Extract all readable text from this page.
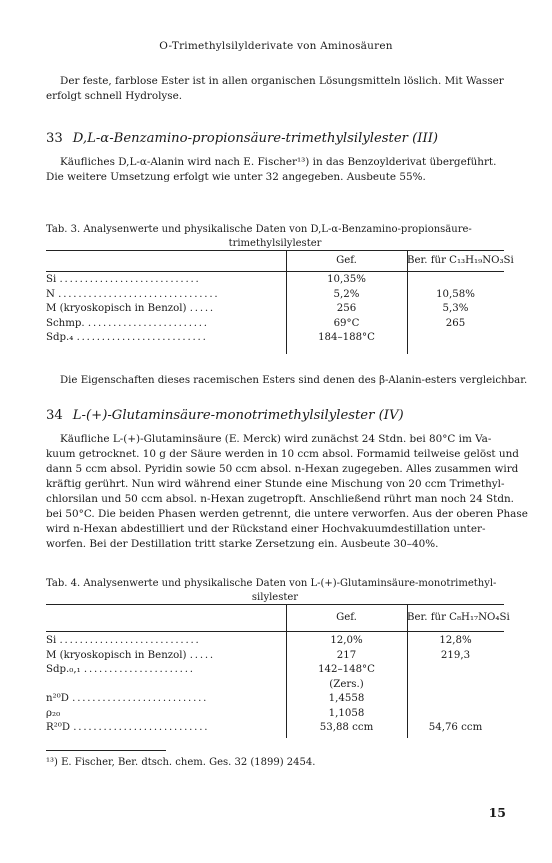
O-Trimethylsilylderivate von Aminosäuren
Der feste, farblose Ester ist in allen organischen Lösungsmitteln löslich. Mit Wasser
erfolgt schnell Hydrolyse.
33 D,L-α-Benzamino-propionsäure-trimethylsilylester (III)
Käufliches D,L-α-Alanin wird nach E. Fischer¹³) in das Benzoylderivat übergeführt.
Die weitere Umsetzung erfolgt wie unter 32 angegeben. Ausbeute 55%.
Tab. 3. Analysenwerte und physikalische Daten von D,L-α-Benzamino-propionsäure-
trimethylsilylester
Gef.	Ber. für C₁₃H₁₉NO₃Si
Si ............................	10,35%
N ................................	5,2%	10,58%
M (kryoskopisch in Benzol) .....	256	5,3%
Schmp. ........................	69°C	265
Sdp.₄ ..........................	184–188°C
Die Eigenschaften dieses racemischen Esters sind denen des β-Alanin-esters vergleichbar.
34 L-(+)-Glutaminsäure-monotrimethylsilylester (IV)
Käufliche L-(+)-Glutaminsäure (E. Merck) wird zunächst 24 Stdn. bei 80°C im Va-
kuum getrocknet. 10 g der Säure werden in 10 ccm absol. Formamid teilweise gelöst und
dann 5 ccm absol. Pyridin sowie 50 ccm absol. n-Hexan zugegeben. Alles zusammen wird
kräftig gerührt. Nun wird während einer Stunde eine Mischung von 20 ccm Trimethyl-
chlorsilan und 50 ccm absol. n-Hexan zugetropft. Anschließend rührt man noch 24 Stdn.
bei 50°C. Die beiden Phasen werden getrennt, die untere verworfen. Aus der oberen Phase
wird n-Hexan abdestilliert und der Rückstand einer Hochvakuumdestillation unter-
worfen. Bei der Destillation tritt starke Zersetzung ein. Ausbeute 30–40%.
Tab. 4. Analysenwerte und physikalische Daten von L-(+)-Glutaminsäure-monotrimethyl-
silylester
Gef.	Ber. für C₈H₁₇NO₄Si
Si ............................	12,0%	12,8%
M (kryoskopisch in Benzol) .....	217	219,3
Sdp.₀,₁ ......................	142–148°C
(Zers.)
n²⁰D ...........................	1,4558
ρ₂₀	1,1058
R²⁰D ...........................	53,88 ccm	54,76 ccm
¹³) E. Fischer, Ber. dtsch. chem. Ges. 32 (1899) 2454.
15
